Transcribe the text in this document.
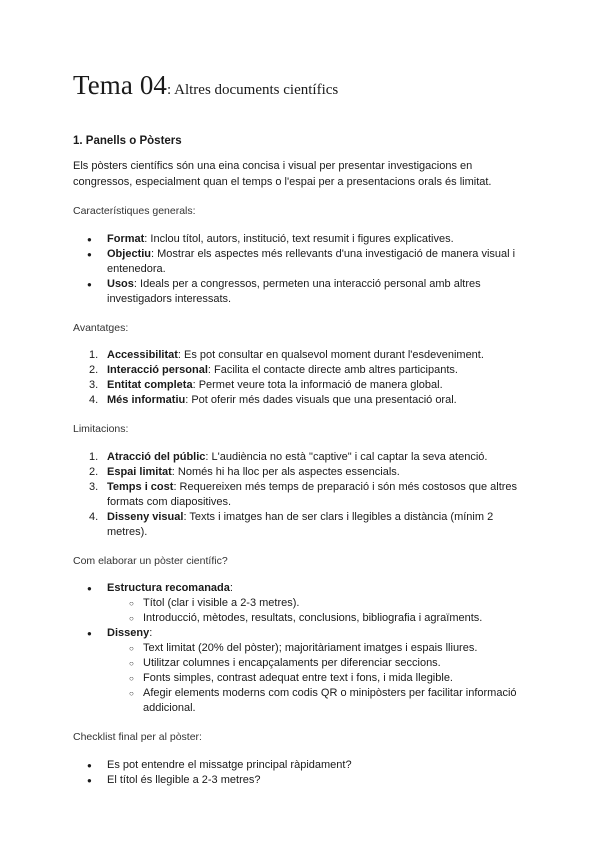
Tema 04: Altres documents científics
1. Panells o Pòsters

Els pòsters científics són una eina concisa i visual per presentar investigacions en congressos, especialment quan el temps o l'espai per a presentacions orals és limitat.

Característiques generals:

● Format: Inclou títol, autors, institució, text resumit i figures explicatives.
● Objectiu: Mostrar els aspectes més rellevants d'una investigació de manera visual i entenedora.
● Usos: Ideals per a congressos, permeten una interacció personal amb altres investigadors interessats.

Avantatges:

1. Accessibilitat: Es pot consultar en qualsevol moment durant l'esdeveniment.
2. Interacció personal: Facilita el contacte directe amb altres participants.
3. Entitat completa: Permet veure tota la informació de manera global.
4. Més informatiu: Pot oferir més dades visuals que una presentació oral.

Limitacions:

1. Atracció del públic: L'audiència no està "captive" i cal captar la seva atenció.
2. Espai limitat: Només hi ha lloc per als aspectes essencials.
3. Temps i cost: Requereixen més temps de preparació i són més costosos que altres formats com diapositives.
4. Disseny visual: Texts i imatges han de ser clars i llegibles a distància (mínim 2 metres).

Com elaborar un pòster científic?

● Estructura recomanada:
○ Títol (clar i visible a 2-3 metres).
○ Introducció, mètodes, resultats, conclusions, bibliografia i agraïments.
● Disseny:
○ Text limitat (20% del pòster); majoritàriament imatges i espais lliures.
○ Utilitzar columnes i encapçalaments per diferenciar seccions.
○ Fonts simples, contrast adequat entre text i fons, i mida llegible.
○ Afegir elements moderns com codis QR o minipòsters per facilitar informació addicional.

Checklist final per al pòster:

● Es pot entendre el missatge principal ràpidament?
● El títol és llegible a 2-3 metres?
